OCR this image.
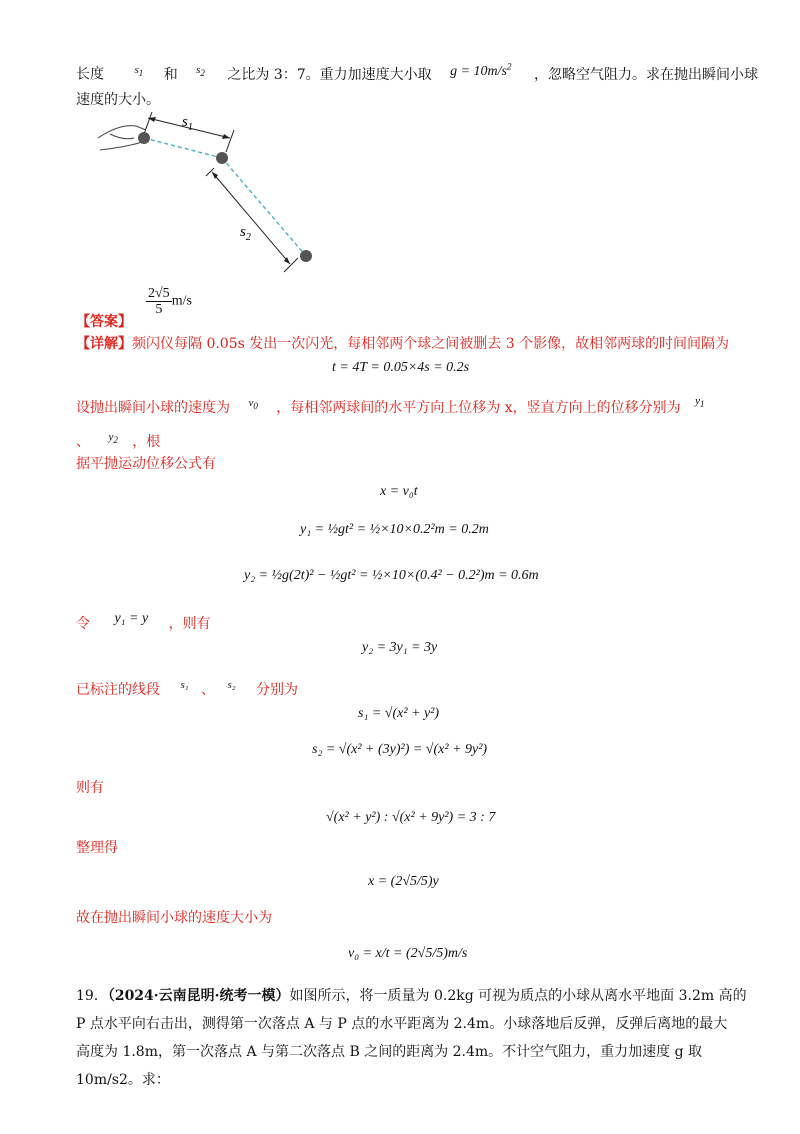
长度	$^{s_1}$ 和 $^{s_2}$ 之比为 3：7。重力加速度大小取 $g = 10m/s^2$ ，忽略空气阻力。求在抛出瞬间小球
速度的大小。
$s_1$
$s_2$
【答案】
$\frac{2√5}{5} m/s$
【详解】频闪仪每隔 0.05s 发出一次闪光，每相邻两个球之间被删去 3 个影像，故相邻两球的时间间隔为
t = 4T = 0.05×4s = 0.2s
设抛出瞬间小球的速度为 $^{v_0}$ ，每相邻两球间的水平方向上位移为 x，竖直方向上的位移分别为 $^{y_1}$
、 $^{y_2}$ ，根
据平抛运动位移公式有
x = v₀t
y₁ = ½gt² = ½×10×0.2²m = 0.2m
y₂ = ½g(2t)² − ½gt² = ½×10×(0.4² − 0.2²)m = 0.6m
令 y₁ = y ，则有
y₂ = 3y₁ = 3y
已标注的线段 $^{s_1}$ 、 $^{s_2}$ 分别为
s₁ = √(x² + y²)
s₂ = √(x² + (3y)²) = √(x² + 9y²)
则有
√(x² + y²) : √(x² + 9y²) = 3 : 7
整理得
x = (2√5/5)y
故在抛出瞬间小球的速度大小为
v₀ = x/t = (2√5/5)m/s
19．（2024·云南昆明·统考一模）如图所示，将一质量为 0.2kg 可视为质点的小球从离水平地面 3.2m 高的
P 点水平向右击出，测得第一次落点 A 与 P 点的水平距离为 2.4m。小球落地后反弹，反弹后离地的最大
高度为 1.8m，第一次落点 A 与第二次落点 B 之间的距离为 2.4m。不计空气阻力，重力加速度 g 取
10m/s2。求：
